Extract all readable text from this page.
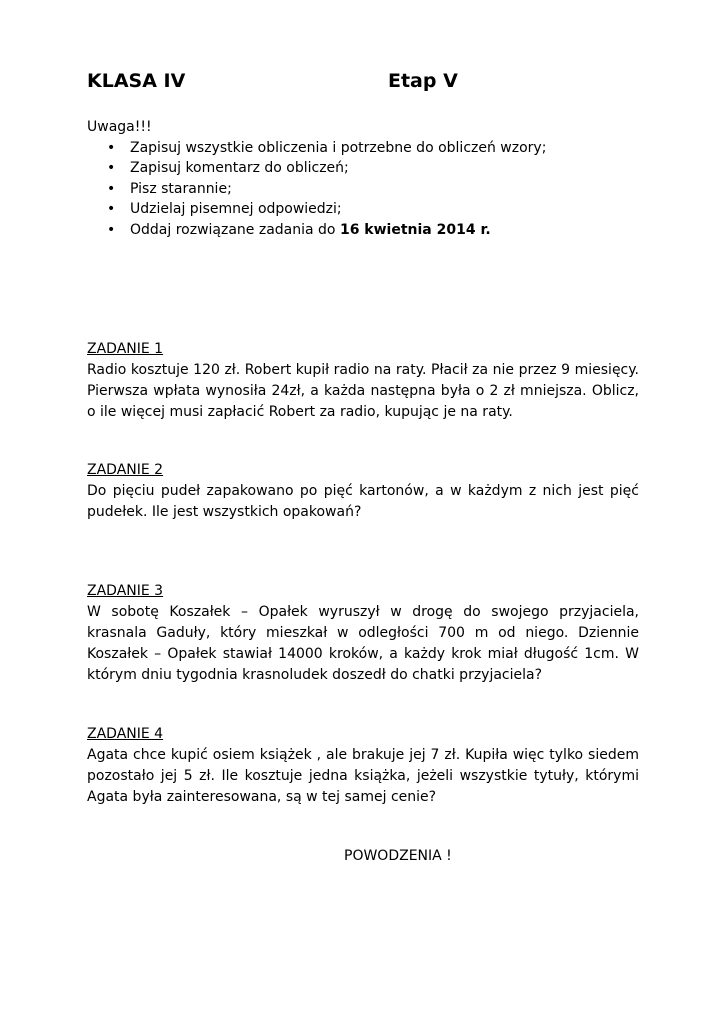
KLASA IV	Etap V
Uwaga!!!
• Zapisuj wszystkie obliczenia i potrzebne do obliczeń wzory;
• Zapisuj komentarz do obliczeń;
• Pisz starannie;
• Udzielaj pisemnej odpowiedzi;
• Oddaj rozwiązane zadania do 16 kwietnia 2014 r.
ZADANIE 1

Radio kosztuje 120 zł. Robert kupił radio na raty. Płacił za nie przez 9 miesięcy. Pierwsza wpłata wynosiła 24zł, a każda następna była o 2 zł mniejsza. Oblicz, o ile więcej musi zapłacić Robert za radio, kupując je na raty.

ZADANIE 2

Do pięciu pudeł zapakowano po pięć kartonów, a w każdym z nich jest pięć pudełek. Ile jest wszystkich opakowań?

ZADANIE 3

W sobotę Koszałek – Opałek wyruszył w drogę do swojego przyjaciela, krasnala Gaduły, który mieszkał w odległości 700 m od niego. Dziennie Koszałek – Opałek stawiał 14000 kroków, a każdy krok miał długość 1cm. W którym dniu tygodnia krasnoludek doszedł do chatki przyjaciela?

ZADANIE 4

Agata chce kupić osiem książek , ale brakuje jej 7 zł. Kupiła więc tylko siedem pozostało jej 5 zł. Ile kosztuje jedna książka, jeżeli wszystkie tytuły, którymi Agata była zainteresowana, są w tej samej cenie?

POWODZENIA !
